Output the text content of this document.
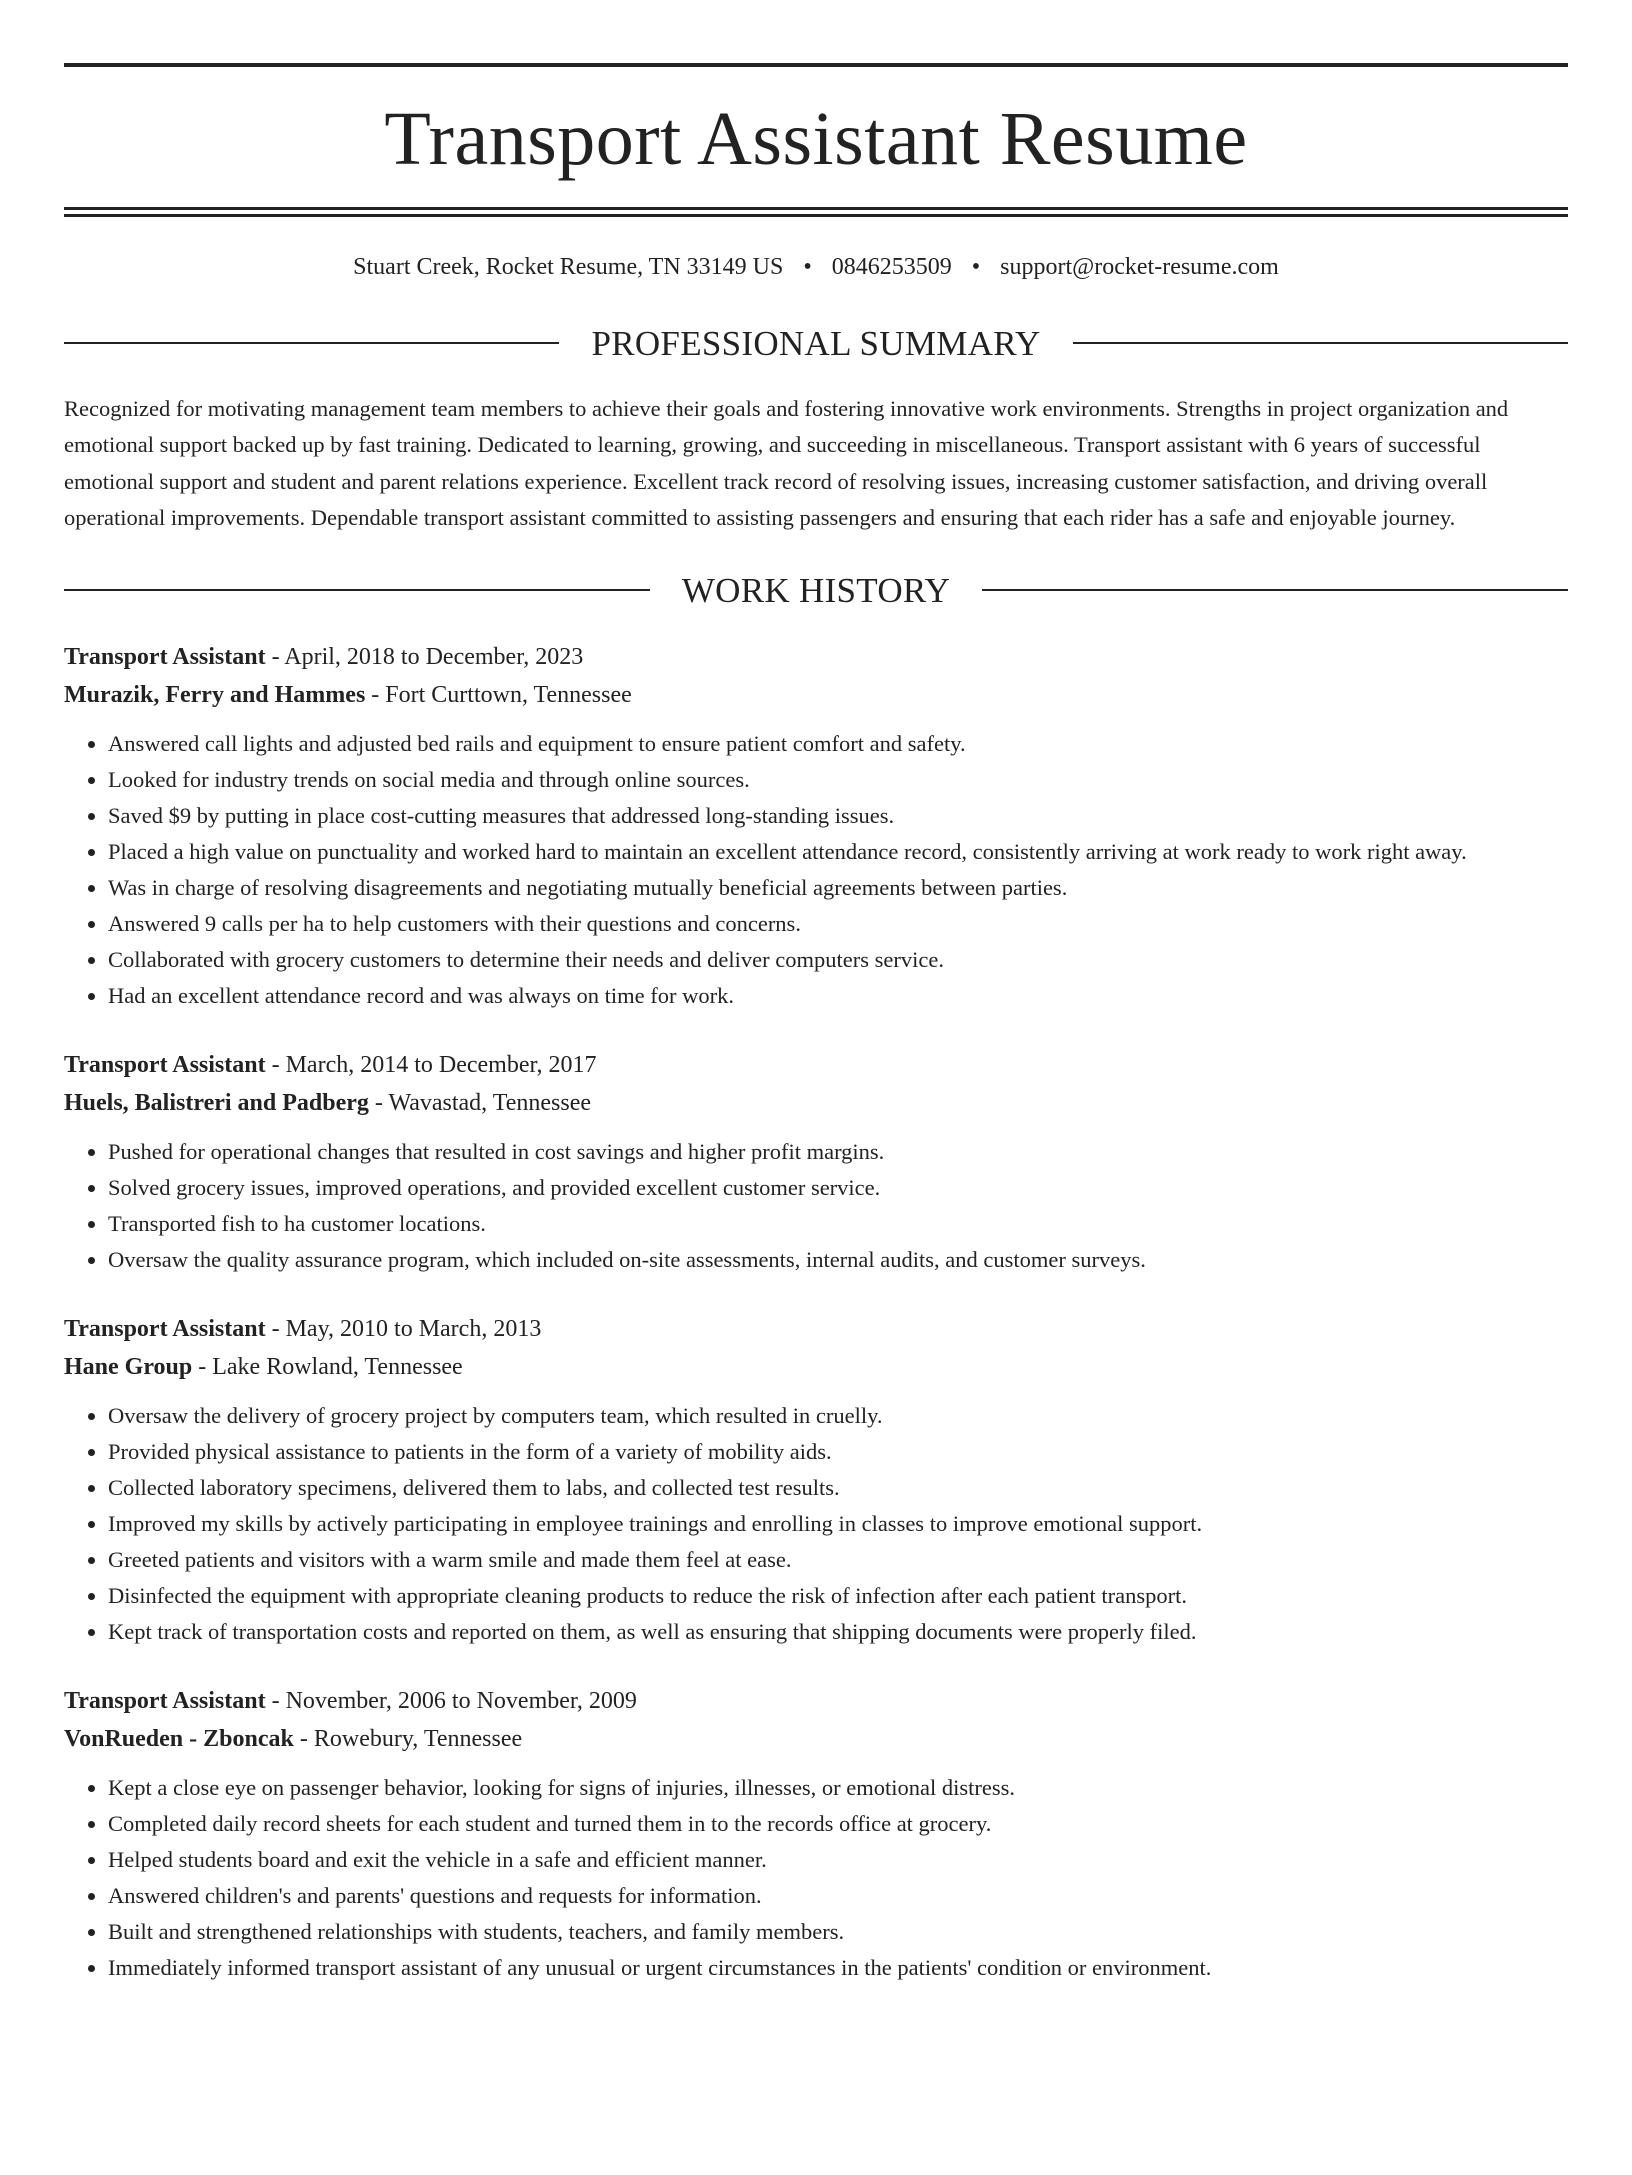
Transport Assistant Resume
Stuart Creek, Rocket Resume, TN 33149 US • 0846253509 • support@rocket-resume.com
PROFESSIONAL SUMMARY

Recognized for motivating management team members to achieve their goals and fostering innovative work environments. Strengths in project organization and emotional support backed up by fast training. Dedicated to learning, growing, and succeeding in miscellaneous. Transport assistant with 6 years of successful emotional support and student and parent relations experience. Excellent track record of resolving issues, increasing customer satisfaction, and driving overall operational improvements. Dependable transport assistant committed to assisting passengers and ensuring that each rider has a safe and enjoyable journey.

WORK HISTORY
Transport Assistant - April, 2018 to December, 2023
Murazik, Ferry and Hammes - Fort Curttown, Tennessee
• Answered call lights and adjusted bed rails and equipment to ensure patient comfort and safety.
• Looked for industry trends on social media and through online sources.
• Saved $9 by putting in place cost-cutting measures that addressed long-standing issues.
• Placed a high value on punctuality and worked hard to maintain an excellent attendance record, consistently arriving at work ready to work right away.
• Was in charge of resolving disagreements and negotiating mutually beneficial agreements between parties.
• Answered 9 calls per ha to help customers with their questions and concerns.
• Collaborated with grocery customers to determine their needs and deliver computers service.
• Had an excellent attendance record and was always on time for work.
Transport Assistant - March, 2014 to December, 2017
Huels, Balistreri and Padberg - Wavastad, Tennessee
• Pushed for operational changes that resulted in cost savings and higher profit margins.
• Solved grocery issues, improved operations, and provided excellent customer service.
• Transported fish to ha customer locations.
• Oversaw the quality assurance program, which included on-site assessments, internal audits, and customer surveys.
Transport Assistant - May, 2010 to March, 2013
Hane Group - Lake Rowland, Tennessee
• Oversaw the delivery of grocery project by computers team, which resulted in cruelly.
• Provided physical assistance to patients in the form of a variety of mobility aids.
• Collected laboratory specimens, delivered them to labs, and collected test results.
• Improved my skills by actively participating in employee trainings and enrolling in classes to improve emotional support.
• Greeted patients and visitors with a warm smile and made them feel at ease.
• Disinfected the equipment with appropriate cleaning products to reduce the risk of infection after each patient transport.
• Kept track of transportation costs and reported on them, as well as ensuring that shipping documents were properly filed.
Transport Assistant - November, 2006 to November, 2009
VonRueden - Zboncak - Rowebury, Tennessee
• Kept a close eye on passenger behavior, looking for signs of injuries, illnesses, or emotional distress.
• Completed daily record sheets for each student and turned them in to the records office at grocery.
• Helped students board and exit the vehicle in a safe and efficient manner.
• Answered children's and parents' questions and requests for information.
• Built and strengthened relationships with students, teachers, and family members.
• Immediately informed transport assistant of any unusual or urgent circumstances in the patients' condition or environment.
